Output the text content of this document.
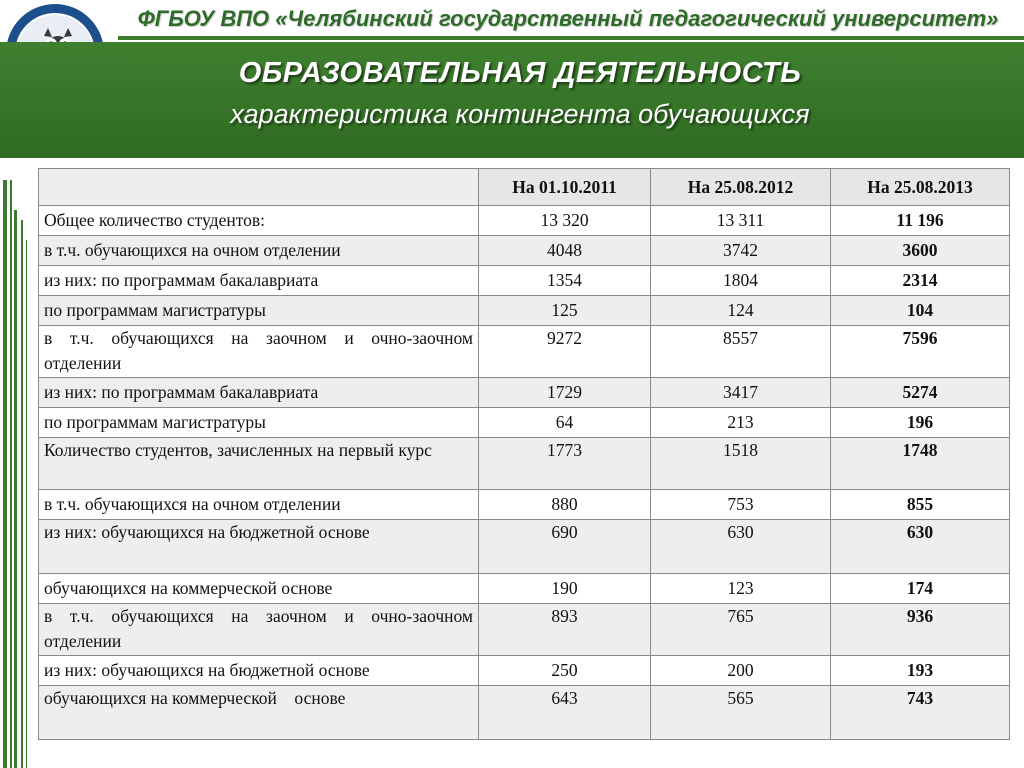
ФГБОУ ВПО «Челябинский государственный педагогический университет»
ОБРАЗОВАТЕЛЬНАЯ ДЕЯТЕЛЬНОСТЬ
характеристика контингента обучающихся
	На 01.10.2011	На 25.08.2012	На 25.08.2013
Общее количество студентов:	13 320	13 311	11 196
в т.ч. обучающихся на очном отделении	4048	3742	3600
из них: по программам бакалавриата	1354	1804	2314
по программам магистратуры	125	124	104
в т.ч. обучающихся на заочном и очно-заочном отделении	9272	8557	7596
из них: по программам бакалавриата	1729	3417	5274
по программам магистратуры	64	213	196
Количество студентов, зачисленных на первый курс	1773	1518	1748
в т.ч. обучающихся на очном отделении	880	753	855
из них: обучающихся на бюджетной основе	690	630	630
обучающихся на коммерческой основе	190	123	174
в т.ч. обучающихся на заочном и очно-заочном отделении	893	765	936
из них: обучающихся на бюджетной основе	250	200	193
обучающихся на коммерческой    основе	643	565	743
